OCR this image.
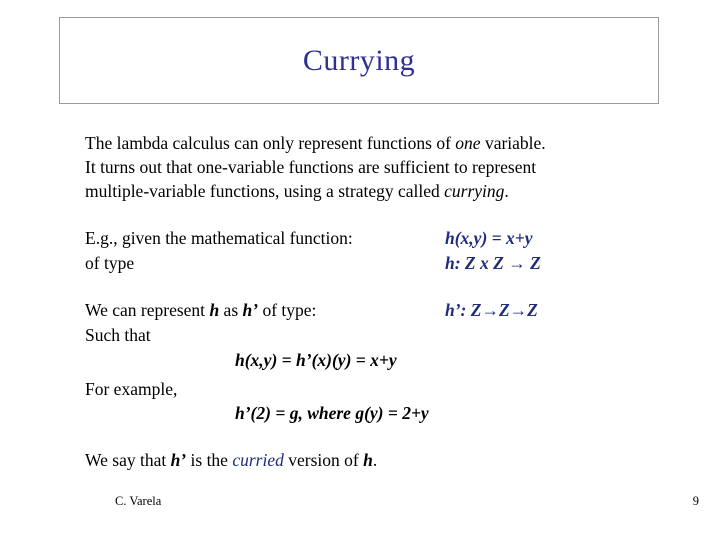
Currying

The lambda calculus can only represent functions of one variable.
It turns out that one-variable functions are sufficient to represent
multiple-variable functions, using a strategy called currying.

E.g., given the mathematical function:
of type
h(x,y) = x+y
h: Z x Z → Z
We can represent h as h’ of type:
Such that
h’: Z→Z→Z
h(x,y) = h’(x)(y) = x+y

For example,

h’(2) = g, where g(y) = 2+y

We say that h’ is the curried version of h.

C. Varela	9
